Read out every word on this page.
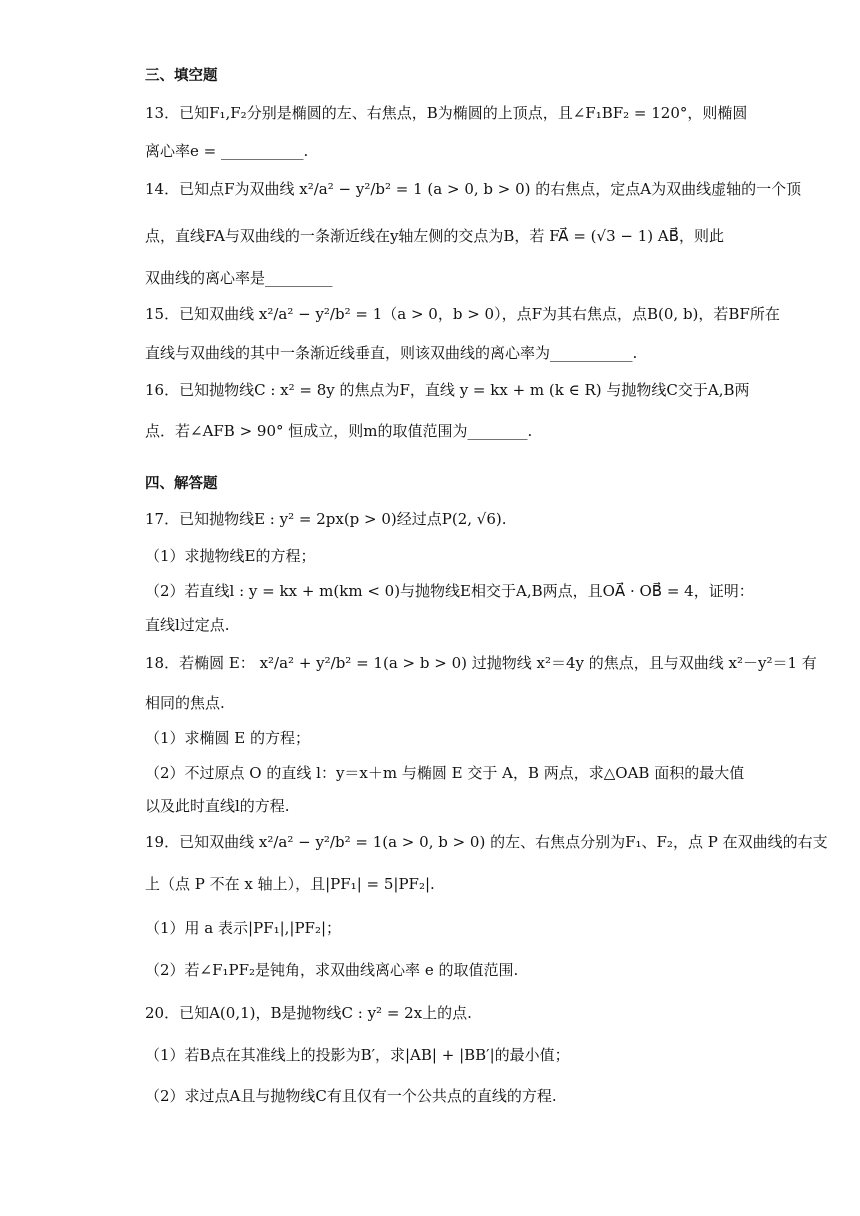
三、填空题
13．已知F₁,F₂分别是椭圆的左、右焦点，B为椭圆的上顶点，且∠F₁BF₂ = 120°，则椭圆
离心率e = ___________.
14．已知点F为双曲线 x²/a² − y²/b² = 1 (a > 0, b > 0) 的右焦点，定点A为双曲线虚轴的一个顶
点，直线FA与双曲线的一条渐近线在y轴左侧的交点为B，若 FA⃗ = (√3 − 1) AB⃗，则此
双曲线的离心率是_________
15．已知双曲线 x²/a² − y²/b² = 1（a > 0，b > 0），点F为其右焦点，点B(0, b)，若BF所在
直线与双曲线的其中一条渐近线垂直，则该双曲线的离心率为___________.
16．已知抛物线C : x² = 8y 的焦点为F，直线 y = kx + m (k ∈ R) 与抛物线C交于A,B两
点．若∠AFB > 90° 恒成立，则m的取值范围为________.
四、解答题
17．已知抛物线E : y² = 2px(p > 0)经过点P(2, √6).
（1）求抛物线E的方程；
（2）若直线l : y = kx + m(km < 0)与抛物线E相交于A,B两点，且OA⃗ · OB⃗ = 4，证明：
直线l过定点.
18．若椭圆 E： x²/a² + y²/b² = 1(a > b > 0) 过抛物线 x²＝4y 的焦点，且与双曲线 x²－y²＝1 有
相同的焦点.
（1）求椭圆 E 的方程；
（2）不过原点 O 的直线 l：y＝x＋m 与椭圆 E 交于 A，B 两点，求△OAB 面积的最大值
以及此时直线l的方程.
19．已知双曲线 x²/a² − y²/b² = 1(a > 0, b > 0) 的左、右焦点分别为F₁、F₂，点 P 在双曲线的右支
上（点 P 不在 x 轴上），且|PF₁| = 5|PF₂|.
（1）用 a 表示|PF₁|,|PF₂|；
（2）若∠F₁PF₂是钝角，求双曲线离心率 e 的取值范围.
20．已知A(0,1)，B是抛物线C : y² = 2x上的点.
（1）若B点在其准线上的投影为B′，求|AB| + |BB′|的最小值；
（2）求过点A且与抛物线C有且仅有一个公共点的直线的方程.
